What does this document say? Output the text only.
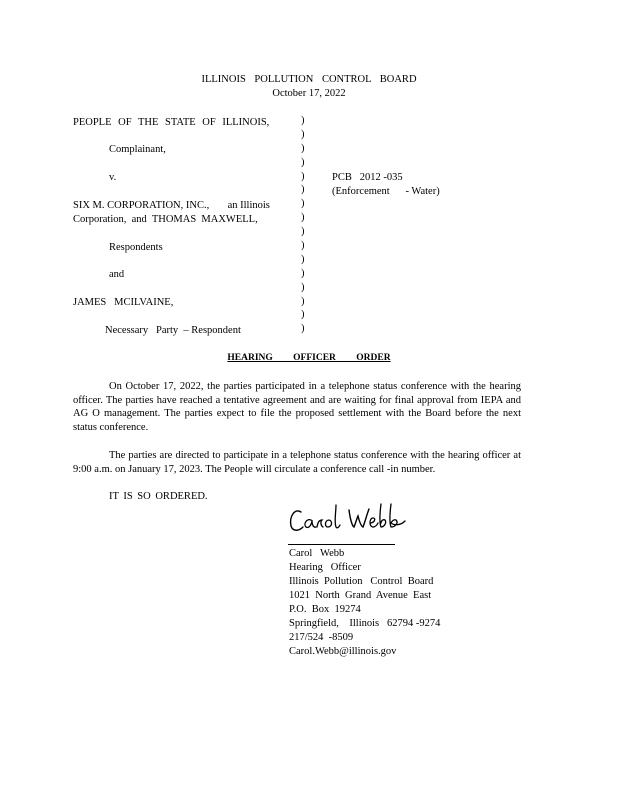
ILLINOIS POLLUTION CONTROL BOARD
October 17, 2022
PEOPLE OF THE STATE OF ILLINOIS,
Complainant,
v.
SIX M. CORPORATION, INC.,       an Illinois
Corporation,  and  THOMAS  MAXWELL,
Respondents
and
JAMES   MCILVAINE,
Necessary   Party  – Respondent
)
)
)
)
)
)
)
)
)
)
)
)
)
)
)
)
PCB   2012 -035
(Enforcement      - Water)
HEARING OFFICER ORDER
On October 17, 2022, the parties participated in a telephone status conference with the hearing officer. The parties have reached a tentative agreement and are waiting for final approval from IEPA and AG O management. The parties expect to file the proposed settlement with the Board before the next status conference.
The parties are directed to participate in a telephone status conference with the hearing officer at 9:00 a.m. on January 17, 2023. The People will circulate a conference call -in number.
IT IS SO ORDERED.
Carol   Webb
Hearing   Officer
Illinois  Pollution   Control  Board
1021  North  Grand  Avenue  East
P.O.  Box  19274
Springfield,    Illinois   62794 -9274
217/524  -8509
Carol.Webb@illinois.gov
